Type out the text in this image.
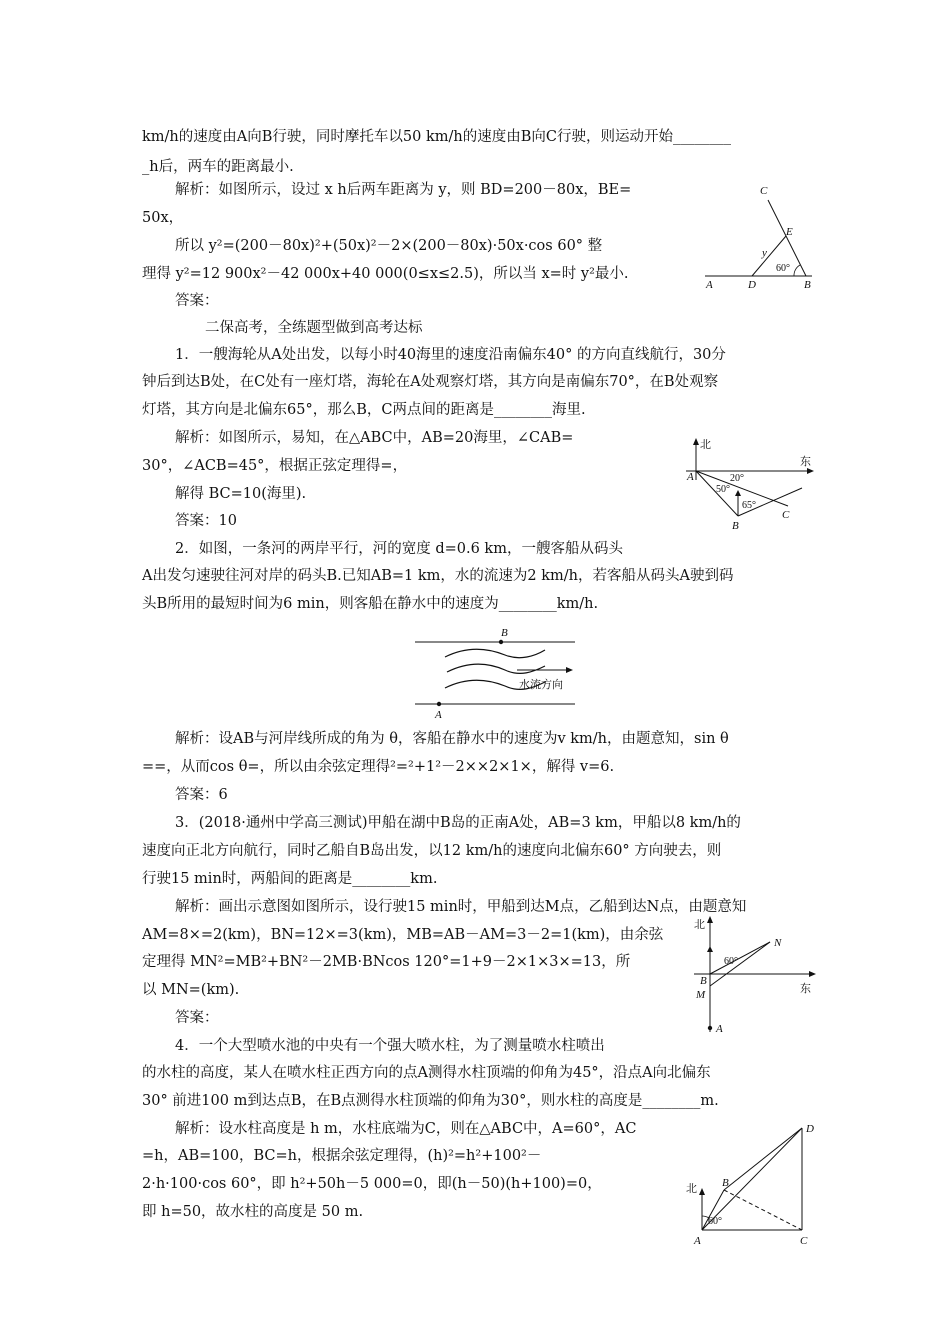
km/h的速度由A向B行驶，同时摩托车以50 km/h的速度由B向C行驶，则运动开始________
_h后，两车的距离最小.
解析：如图所示，设过 x h后两车距离为 y，则 BD=200－80x，BE=
50x，
所以 y²=(200－80x)²+(50x)²－2×(200－80x)·50x·cos 60° 整
理得 y²=12 900x²－42 000x+40 000(0≤x≤2.5)，所以当 x=时 y²最小.
答案：
二保高考，全练题型做到高考达标
1．一艘海轮从A处出发，以每小时40海里的速度沿南偏东40° 的方向直线航行，30分
钟后到达B处，在C处有一座灯塔，海轮在A处观察灯塔，其方向是南偏东70°，在B处观察
灯塔，其方向是北偏东65°，那么B，C两点间的距离是________海里.
解析：如图所示，易知，在△ABC中，AB=20海里，∠CAB=
30°，∠ACB=45°，根据正弦定理得=，
解得 BC=10(海里).
答案：10
2．如图，一条河的两岸平行，河的宽度 d=0.6 km，一艘客船从码头
A出发匀速驶往河对岸的码头B.已知AB=1 km，水的流速为2 km/h，若客船从码头A驶到码
头B所用的最短时间为6 min，则客船在静水中的速度为________km/h.
解析：设AB与河岸线所成的角为 θ，客船在静水中的速度为v km/h，由题意知，sin θ
==，从而cos θ=，所以由余弦定理得²=²+1²－2××2×1×，解得 v=6.
答案：6
3．(2018·通州中学高三测试)甲船在湖中B岛的正南A处，AB=3 km，甲船以8 km/h的
速度向正北方向航行，同时乙船自B岛出发，以12 km/h的速度向北偏东60° 方向驶去，则
行驶15 min时，两船间的距离是________km.
解析：画出示意图如图所示，设行驶15 min时，甲船到达M点，乙船到达N点，由题意知
AM=8×=2(km)，BN=12×=3(km)，MB=AB－AM=3－2=1(km)，由余弦
定理得 MN²=MB²+BN²－2MB·BNcos 120°=1+9－2×1×3×=13，所
以 MN=(km).
答案：
4．一个大型喷水池的中央有一个强大喷水柱，为了测量喷水柱喷出
的水柱的高度，某人在喷水柱正西方向的点A测得水柱顶端的仰角为45°，沿点A向北偏东
30° 前进100 m到达点B，在B点测得水柱顶端的仰角为30°，则水柱的高度是________m.
解析：设水柱高度是 h m，水柱底端为C，则在△ABC中，A=60°，AC
=h，AB=100，BC=h，根据余弦定理得，(h)²=h²+100²－
2·h·100·cos 60°，即 h²+50h－5 000=0，即(h－50)(h+100)=0，
即 h=50，故水柱的高度是 50 m.
C
E
y
60°
A	D	B
北
东
A	20°
50°
65°
B
C
B
水流方向
A
北
60°
N
B
M	东
A
D
北 B
60°
A	C
